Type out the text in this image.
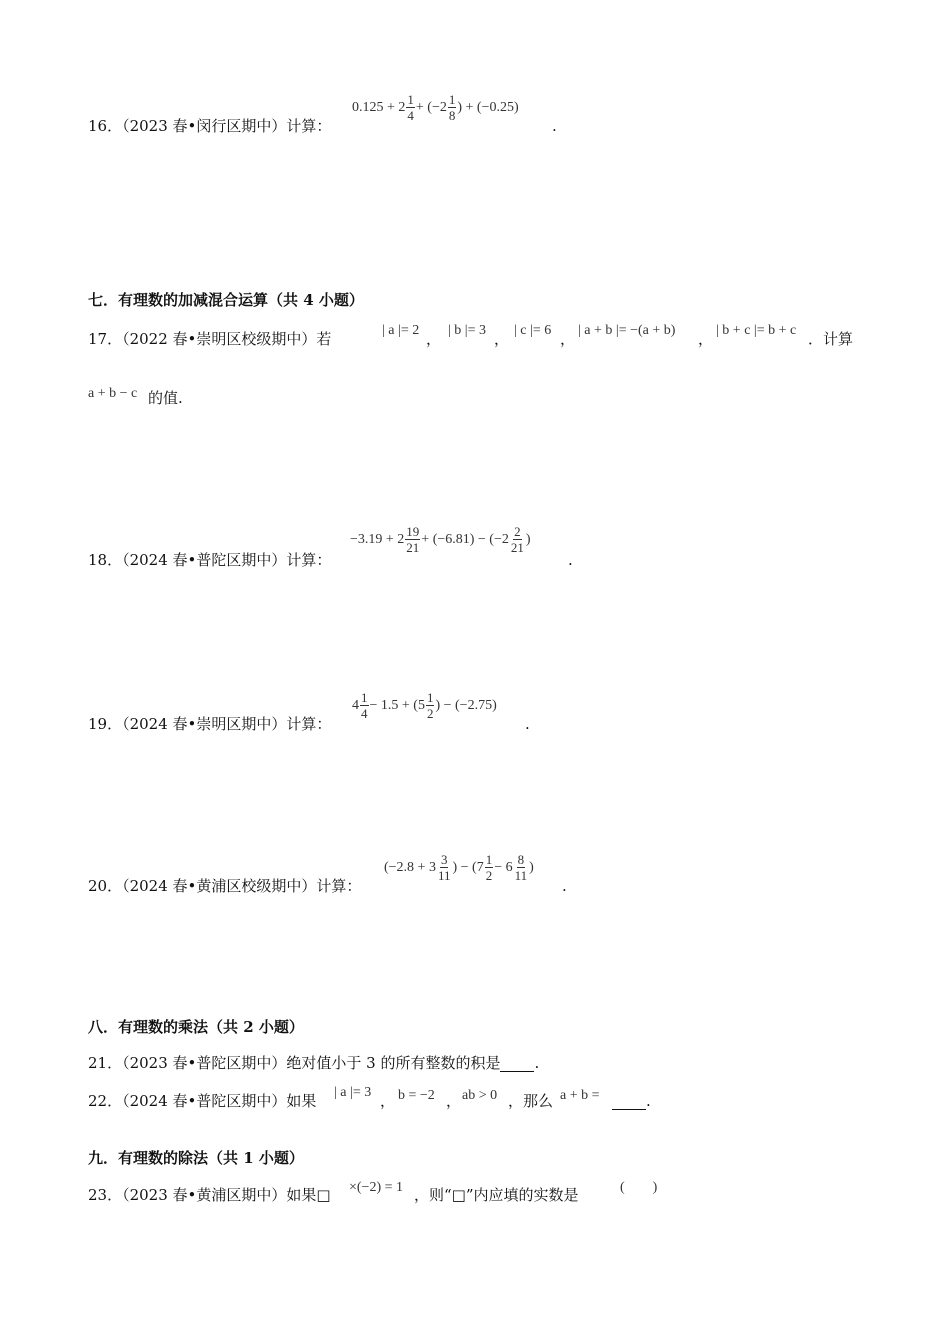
16．（2023 春•闵行区期中）计算：
$0.125 + 2 \frac{1}{4} + (-2 \frac{1}{8}$ ) + (−0.25)
.
七．有理数的加减混合运算（共 4 小题）
17．（2022 春•崇明区校级期中）若	| a |= 2 ， | b |= 3 ， | c |= 6 ， | a + b |= −(a + b) ， | b + c |= b + c ．计算
a + b − c 的值.
18．（2024 春•普陀区期中）计算：
$-3.19 + 2 \frac{19}{21} + (-6.81) - (-2 \frac{2}{21}$ )
.
19．（2024 春•崇明区期中）计算：
$4 \frac{1}{4} - 1.5 + (5 \frac{1}{2}$ ) − (−2.75)
.
20．（2024 春•黄浦区校级期中）计算：
($-2.8 + 3 \frac{3}{11}$ ) − ($7 \frac{1}{2} - 6 \frac{8}{11}$ )
.
八．有理数的乘法（共 2 小题）
21．（2023 春•普陀区期中）绝对值小于 3 的所有整数的积是 .
22．（2024 春•普陀区期中）如果 | a |= 3 ， b = −2 ， ab > 0 ，那么 a + b =	.
九．有理数的除法（共 1 小题）
23．（2023 春•黄浦区期中）如果□ ×(−2) = 1 ，则“□”内应填的实数是	(        )
